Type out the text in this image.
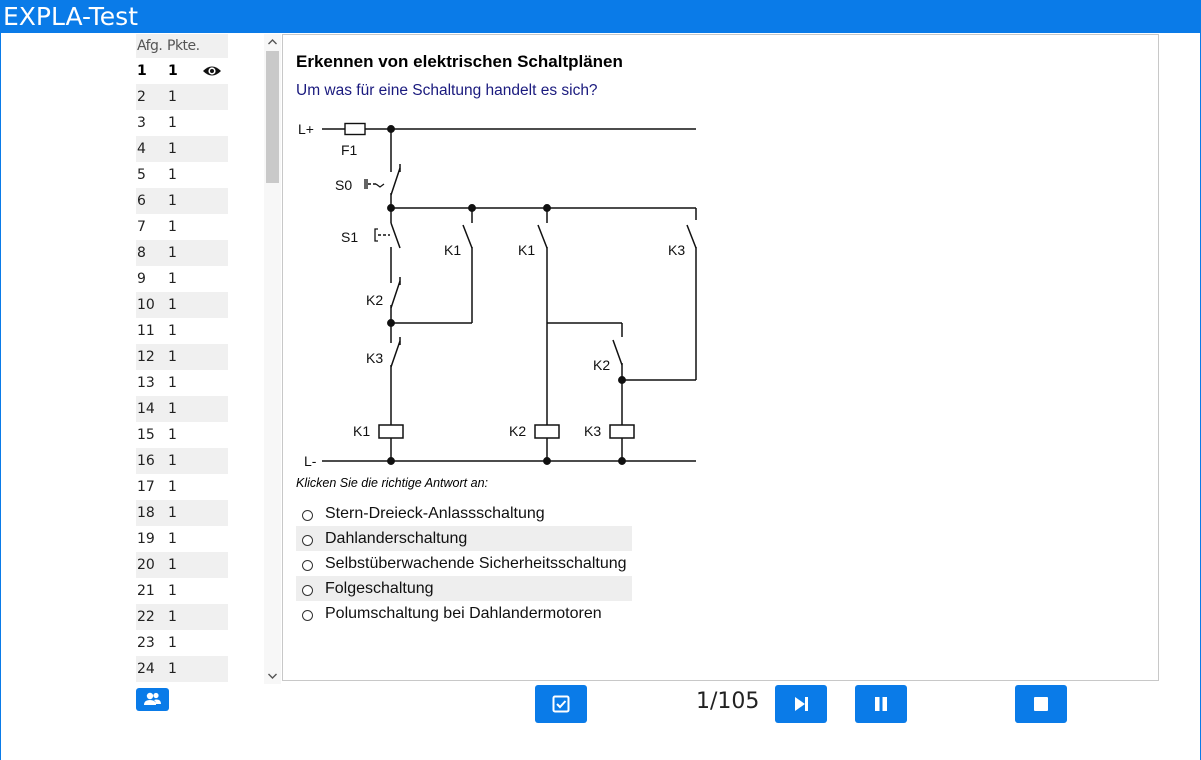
EXPLA-Test
Afg. Pkte.
1	1
2	1
3	1
4	1
5	1
6	1
7	1
8	1
9	1
10 1
11 1
12 1
13 1
14 1
15 1
16 1
17 1
18 1
19 1
20 1
21 1
22 1
23 1
24 1
Erkennen von elektrischen Schaltplänen
Um was für eine Schaltung handelt es sich?
L+
F1
S0
S1
K1	K1	K3
K2
K3	K2
K1	K2	K3
L-
Klicken Sie die richtige Antwort an:
Stern-Dreieck-Anlassschaltung
Dahlanderschaltung
Selbstüberwachende Sicherheitsschaltung
Folgeschaltung
Polumschaltung bei Dahlandermotoren
1/105
